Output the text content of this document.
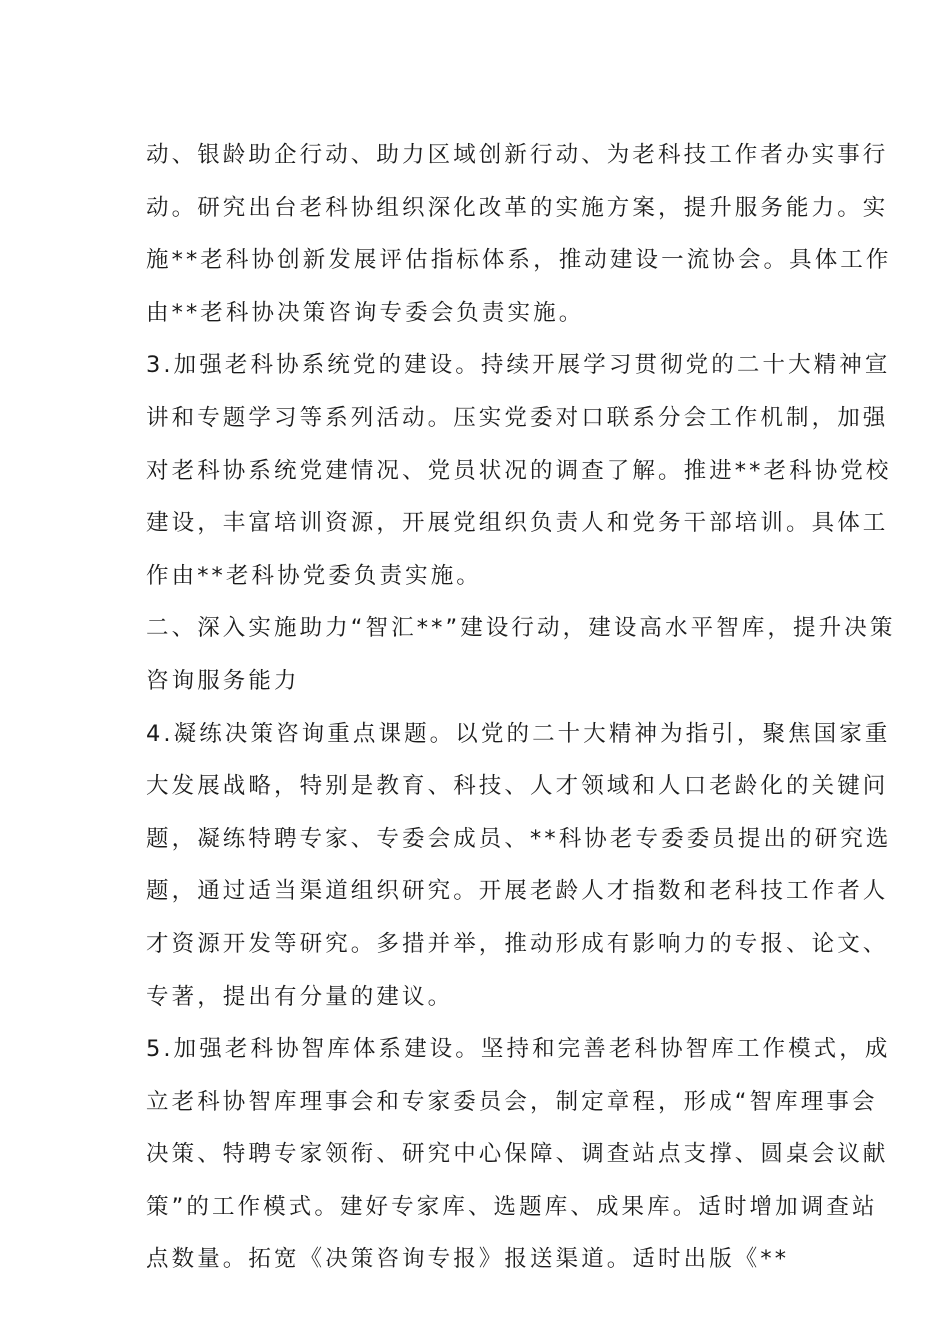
动、银龄助企行动、助力区域创新行动、为老科技工作者办实事行
动。研究出台老科协组织深化改革的实施方案，提升服务能力。实
施**老科协创新发展评估指标体系，推动建设一流协会。具体工作
由**老科协决策咨询专委会负责实施。

3.加强老科协系统党的建设。持续开展学习贯彻党的二十大精神宣
讲和专题学习等系列活动。压实党委对口联系分会工作机制，加强
对老科协系统党建情况、党员状况的调查了解。推进**老科协党校
建设，丰富培训资源，开展党组织负责人和党务干部培训。具体工
作由**老科协党委负责实施。

二、深入实施助力“智汇**”建设行动，建设高水平智库，提升决策
咨询服务能力

4.凝练决策咨询重点课题。以党的二十大精神为指引，聚焦国家重
大发展战略，特别是教育、科技、人才领域和人口老龄化的关键问
题，凝练特聘专家、专委会成员、**科协老专委委员提出的研究选
题，通过适当渠道组织研究。开展老龄人才指数和老科技工作者人
才资源开发等研究。多措并举，推动形成有影响力的专报、论文、
专著，提出有分量的建议。

5.加强老科协智库体系建设。坚持和完善老科协智库工作模式，成
立老科协智库理事会和专家委员会，制定章程，形成“智库理事会
决策、特聘专家领衔、研究中心保障、调查站点支撑、圆桌会议献
策”的工作模式。建好专家库、选题库、成果库。适时增加调查站
点数量。拓宽《决策咨询专报》报送渠道。适时出版《**
